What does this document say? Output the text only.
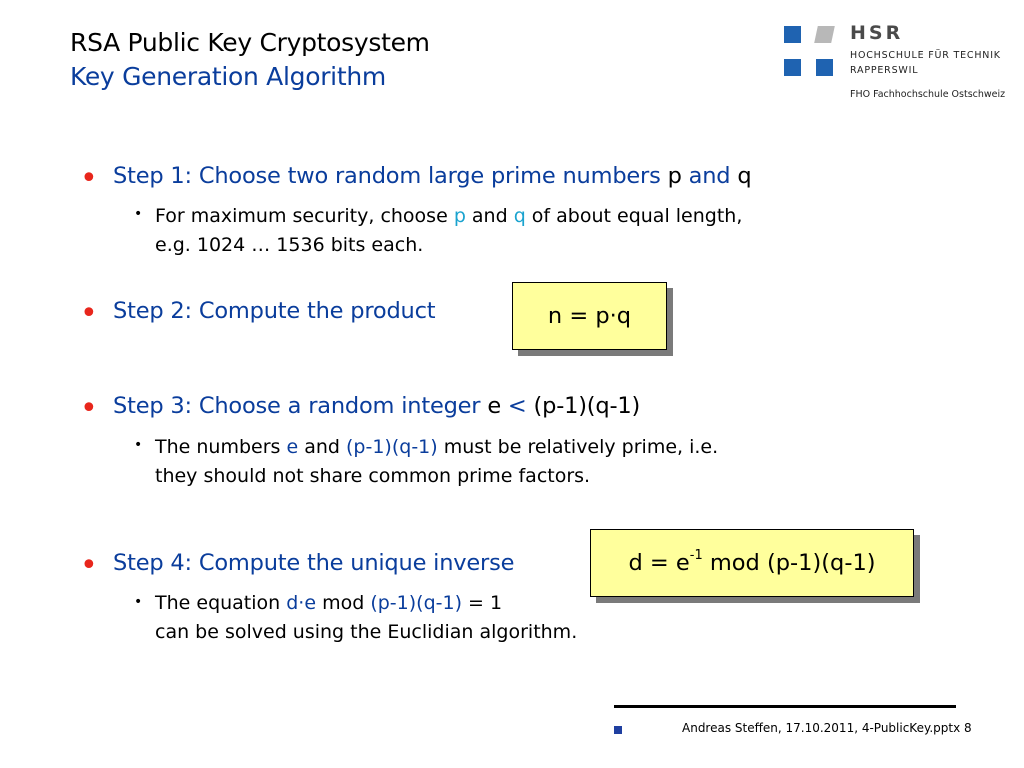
RSA Public Key Cryptosystem
Key Generation Algorithm
HSR
HOCHSCHULE FÜR TECHNIK
RAPPERSWIL
FHO Fachhochschule Ostschweiz
• Step 1: Choose two random large prime numbers p and q
• For maximum security, choose p and q of about equal length,
e.g. 1024 … 1536 bits each.
• Step 2: Compute the product	n = p·q
• Step 3: Choose a random integer e < (p-1)(q-1)
• The numbers e and (p-1)(q-1) must be relatively prime, i.e.
they should not share common prime factors.
• Step 4: Compute the unique inverse	$d = e^{-1}$ mod (p-1)(q-1)
• The equation d·e mod (p-1)(q-1) = 1
can be solved using the Euclidian algorithm.
Andreas Steffen, 17.10.2011, 4-PublicKey.pptx 8
